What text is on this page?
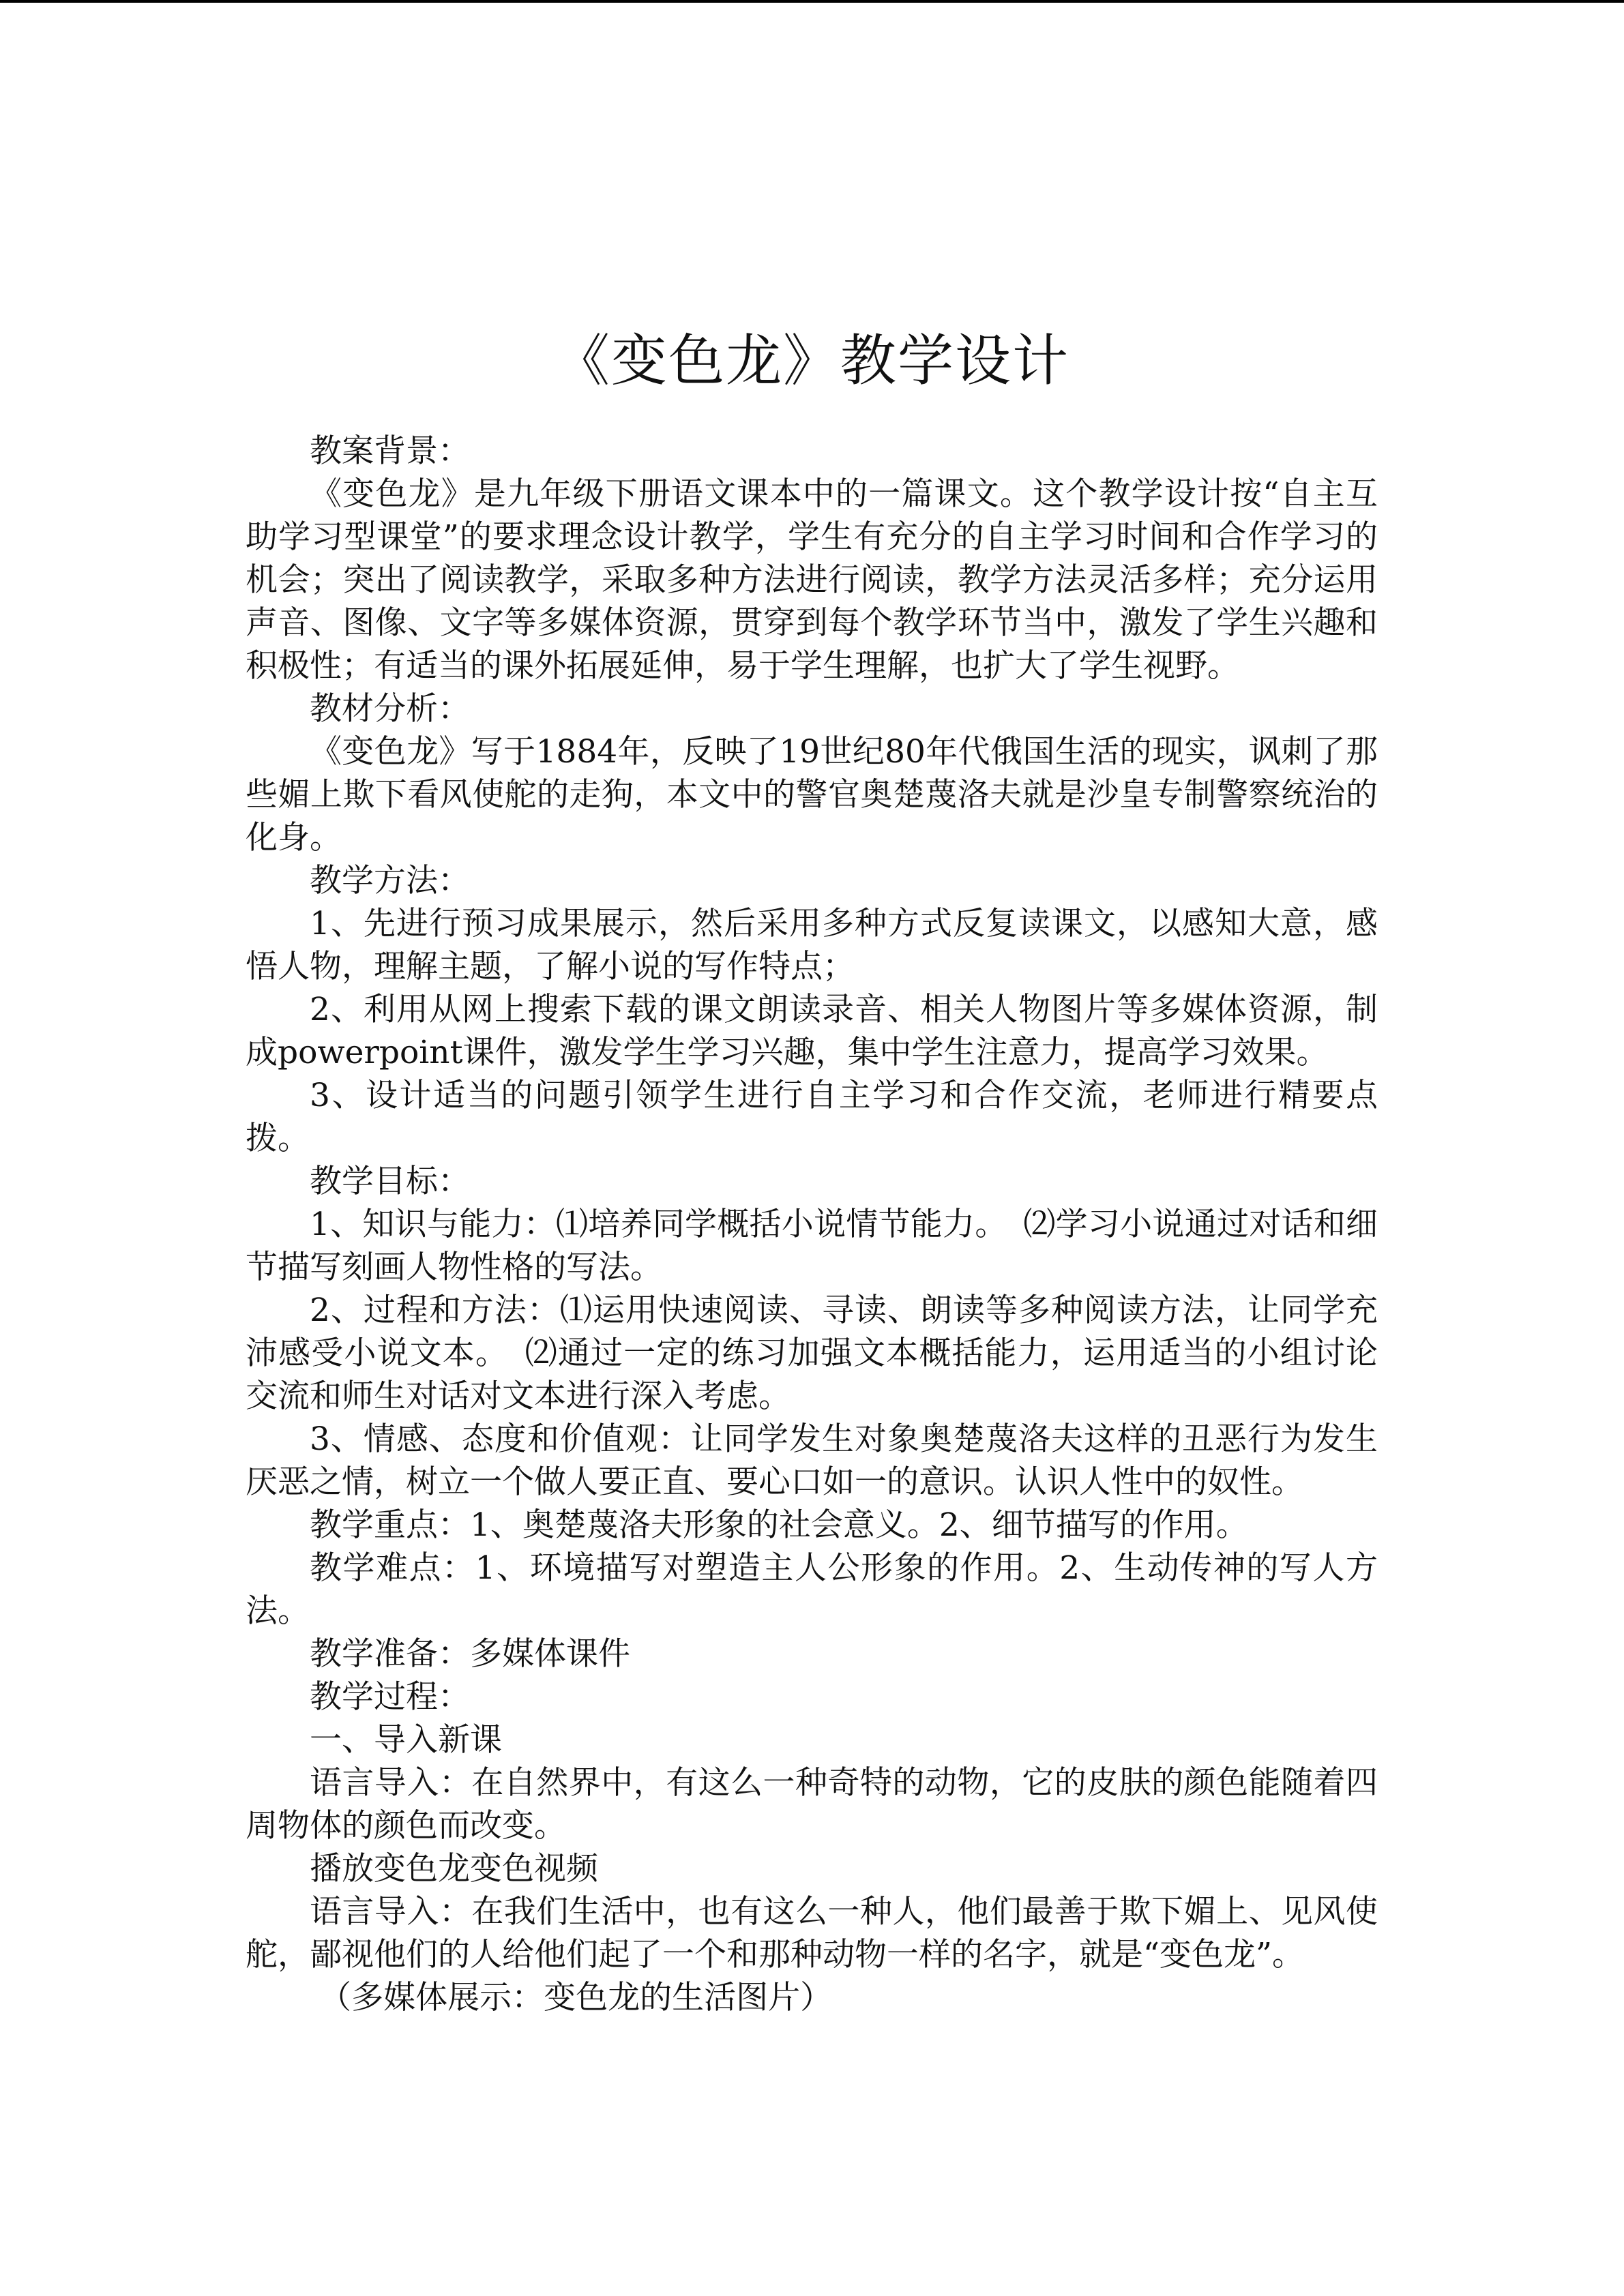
《变色龙》教学设计

教案背景：

《变色龙》是九年级下册语文课本中的一篇课文。这个教学设计按“自主互助学习型课堂”的要求理念设计教学，学生有充分的自主学习时间和合作学习的机会；突出了阅读教学，采取多种方法进行阅读，教学方法灵活多样；充分运用声音、图像、文字等多媒体资源，贯穿到每个教学环节当中，激发了学生兴趣和积极性；有适当的课外拓展延伸，易于学生理解，也扩大了学生视野。

教材分析：

《变色龙》写于1884年，反映了19世纪80年代俄国生活的现实，讽刺了那些媚上欺下看风使舵的走狗，本文中的警官奥楚蔑洛夫就是沙皇专制警察统治的化身。

教学方法：

1、先进行预习成果展示，然后采用多种方式反复读课文，以感知大意，感悟人物，理解主题，了解小说的写作特点；

2、利用从网上搜索下载的课文朗读录音、相关人物图片等多媒体资源，制成powerpoint课件，激发学生学习兴趣，集中学生注意力，提高学习效果。

3、设计适当的问题引领学生进行自主学习和合作交流，老师进行精要点拨。

教学目标：

1、知识与能力：⑴培养同学概括小说情节能力。　⑵学习小说通过对话和细节描写刻画人物性格的写法。

2、过程和方法：⑴运用快速阅读、寻读、朗读等多种阅读方法，让同学充沛感受小说文本。　⑵通过一定的练习加强文本概括能力，运用适当的小组讨论交流和师生对话对文本进行深入考虑。

3、情感、态度和价值观：让同学发生对象奥楚蔑洛夫这样的丑恶行为发生厌恶之情，树立一个做人要正直、要心口如一的意识。认识人性中的奴性。

教学重点：1、奥楚蔑洛夫形象的社会意义。2、细节描写的作用。

教学难点：1、环境描写对塑造主人公形象的作用。2、生动传神的写人方法。

教学准备：多媒体课件

教学过程：

一、导入新课

语言导入：在自然界中，有这么一种奇特的动物，它的皮肤的颜色能随着四周物体的颜色而改变。

播放变色龙变色视频

语言导入：在我们生活中，也有这么一种人，他们最善于欺下媚上、见风使舵，鄙视他们的人给他们起了一个和那种动物一样的名字，就是“变色龙”。

（多媒体展示：变色龙的生活图片）
